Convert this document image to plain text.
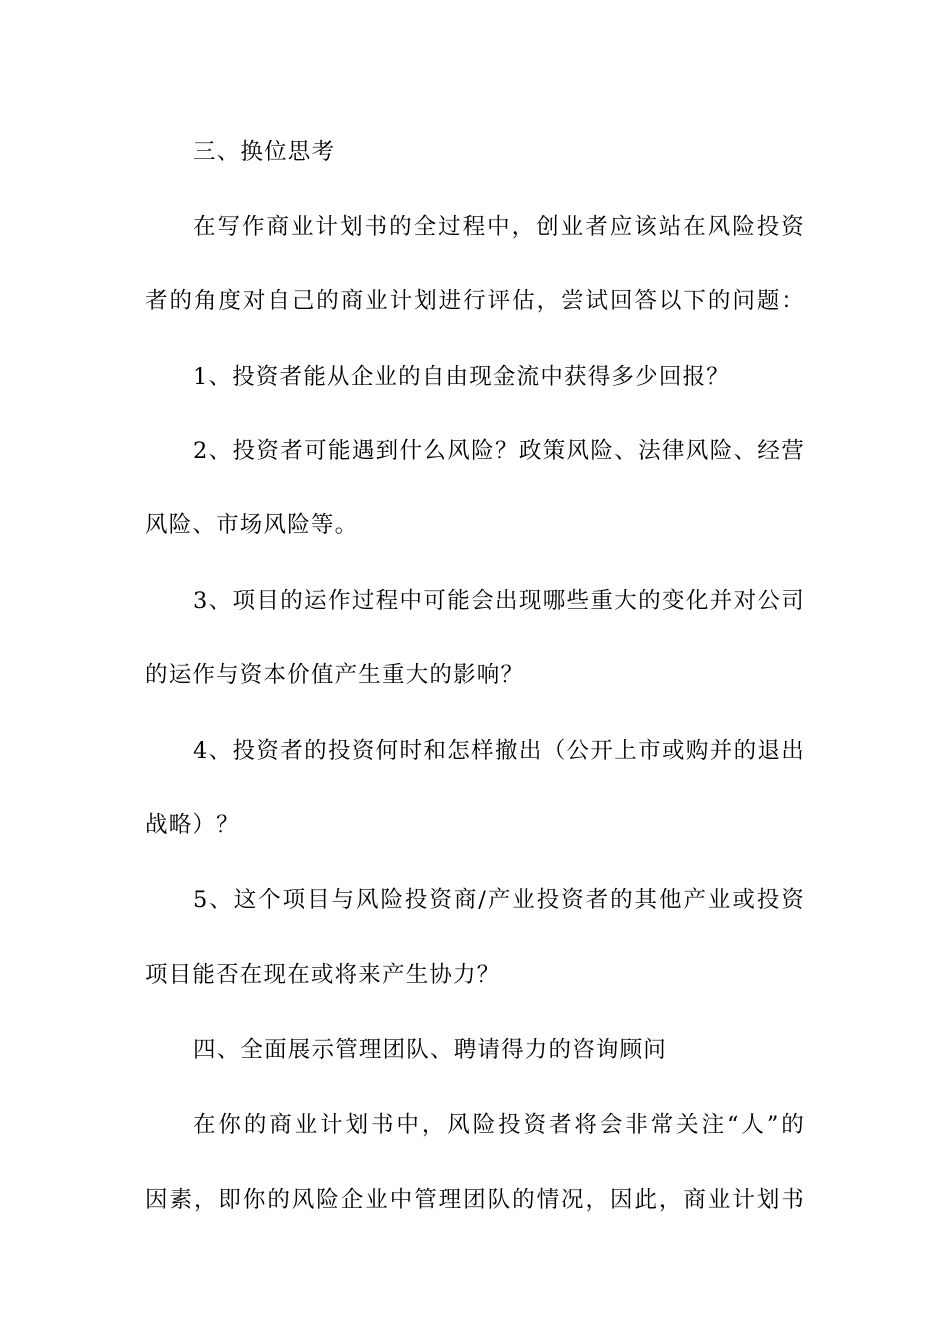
三、换位思考
在写作商业计划书的全过程中，创业者应该站在风险投资
者的角度对自己的商业计划进行评估，尝试回答以下的问题：
1、投资者能从企业的自由现金流中获得多少回报？
2、投资者可能遇到什么风险？政策风险、法律风险、经营
风险、市场风险等。
3、项目的运作过程中可能会出现哪些重大的变化并对公司
的运作与资本价值产生重大的影响？
4、投资者的投资何时和怎样撤出（公开上市或购并的退出
战略）？
5、这个项目与风险投资商/产业投资者的其他产业或投资
项目能否在现在或将来产生协力？
四、全面展示管理团队、聘请得力的咨询顾问
在你的商业计划书中，风险投资者将会非常关注“人”的
因素，即你的风险企业中管理团队的情况，因此，商业计划书
